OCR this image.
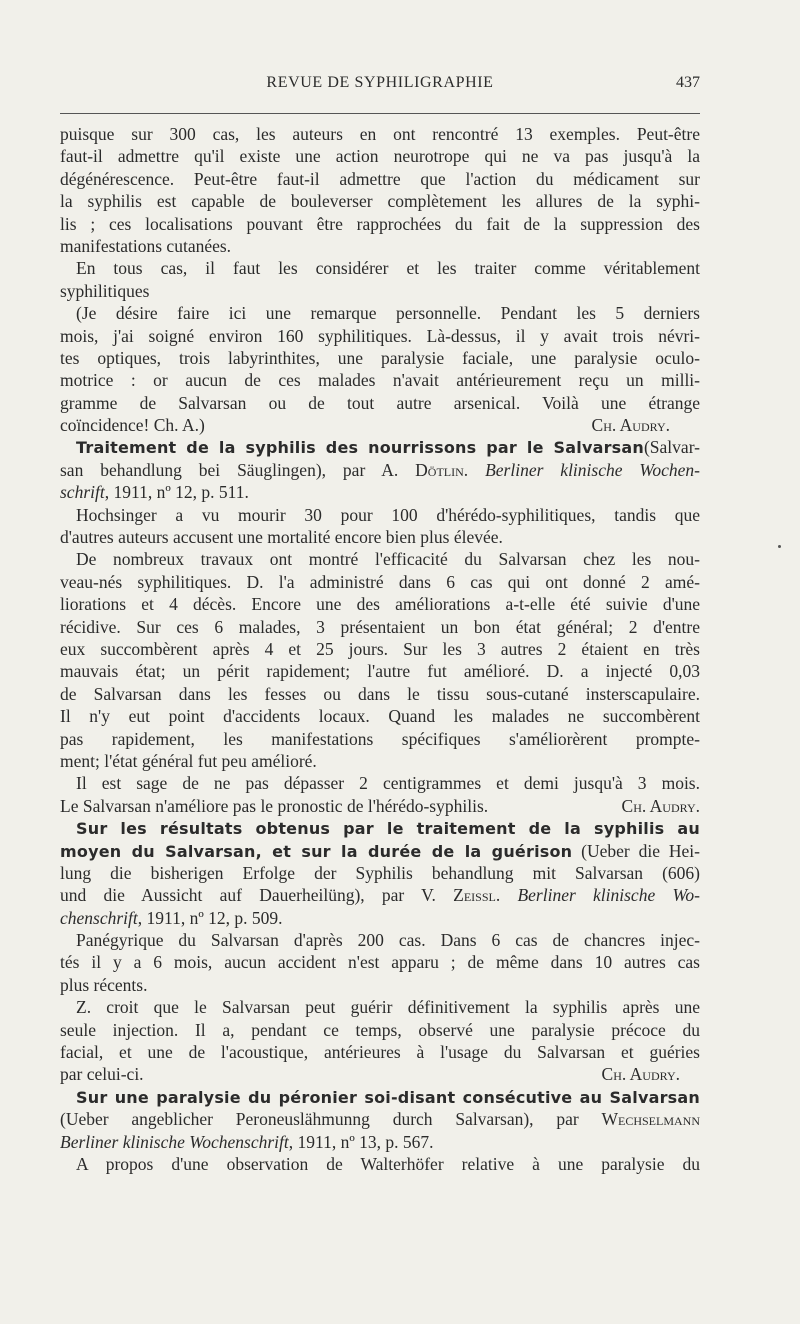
REVUE DE SYPHILIGRAPHIE	437
puisque sur 300 cas, les auteurs en ont rencontré 13 exemples. Peut-être
faut-il admettre qu'il existe une action neurotrope qui ne va pas jusqu'à la
dégénérescence. Peut-être faut-il admettre que l'action du médicament sur
la syphilis est capable de bouleverser complètement les allures de la syphi-
lis ; ces localisations pouvant être rapprochées du fait de la suppression des
manifestations cutanées.
En tous cas, il faut les considérer et les traiter comme véritablement
syphilitiques
(Je désire faire ici une remarque personnelle. Pendant les 5 derniers
mois, j'ai soigné environ 160 syphilitiques. Là-dessus, il y avait trois névri-
tes optiques, trois labyrinthites, une paralysie faciale, une paralysie oculo-
motrice : or aucun de ces malades n'avait antérieurement reçu un milli-
gramme de Salvarsan ou de tout autre arsenical. Voilà une étrange
coïncidence! Ch. A.)	Ch. Audry.
Traitement de la syphilis des nourrissons par le Salvarsan(Salvar-
san behandlung bei Säuglingen), par A. Dötlin. Berliner klinische Wochen-
schrift, 1911, nº 12, p. 511.
Hochsinger a vu mourir 30 pour 100 d'hérédo-syphilitiques, tandis que
d'autres auteurs accusent une mortalité encore bien plus élevée.
De nombreux travaux ont montré l'efficacité du Salvarsan chez les nou-
veau-nés syphilitiques. D. l'a administré dans 6 cas qui ont donné 2 amé-
liorations et 4 décès. Encore une des améliorations a-t-elle été suivie d'une
récidive. Sur ces 6 malades, 3 présentaient un bon état général; 2 d'entre
eux succombèrent après 4 et 25 jours. Sur les 3 autres 2 étaient en très
mauvais état; un périt rapidement; l'autre fut amélioré. D. a injecté 0,03
de Salvarsan dans les fesses ou dans le tissu sous-cutané insterscapulaire.
Il n'y eut point d'accidents locaux. Quand les malades ne succombèrent
pas rapidement, les manifestations spécifiques s'améliorèrent prompte-
ment; l'état général fut peu amélioré.
Il est sage de ne pas dépasser 2 centigrammes et demi jusqu'à 3 mois.
Le Salvarsan n'améliore pas le pronostic de l'hérédo-syphilis.	Ch. Audry.
Sur les résultats obtenus par le traitement de la syphilis au
moyen du Salvarsan, et sur la durée de la guérison (Ueber die Hei-
lung die bisherigen Erfolge der Syphilis behandlung mit Salvarsan (606)
und die Aussicht auf Dauerheilüng), par V. Zeissl. Berliner klinische Wo-
chenschrift, 1911, nº 12, p. 509.
Panégyrique du Salvarsan d'après 200 cas. Dans 6 cas de chancres injec-
tés il y a 6 mois, aucun accident n'est apparu ; de même dans 10 autres cas
plus récents.
Z. croit que le Salvarsan peut guérir définitivement la syphilis après une
seule injection. Il a, pendant ce temps, observé une paralysie précoce du
facial, et une de l'acoustique, antérieures à l'usage du Salvarsan et guéries
par celui-ci.	Ch. Audry.
Sur une paralysie du péronier soi-disant consécutive au Salvarsan
(Ueber angeblicher Peroneuslähmunng durch Salvarsan), par Wechselmann
Berliner klinische Wochenschrift, 1911, nº 13, p. 567.
A propos d'une observation de Walterhöfer relative à une paralysie du
